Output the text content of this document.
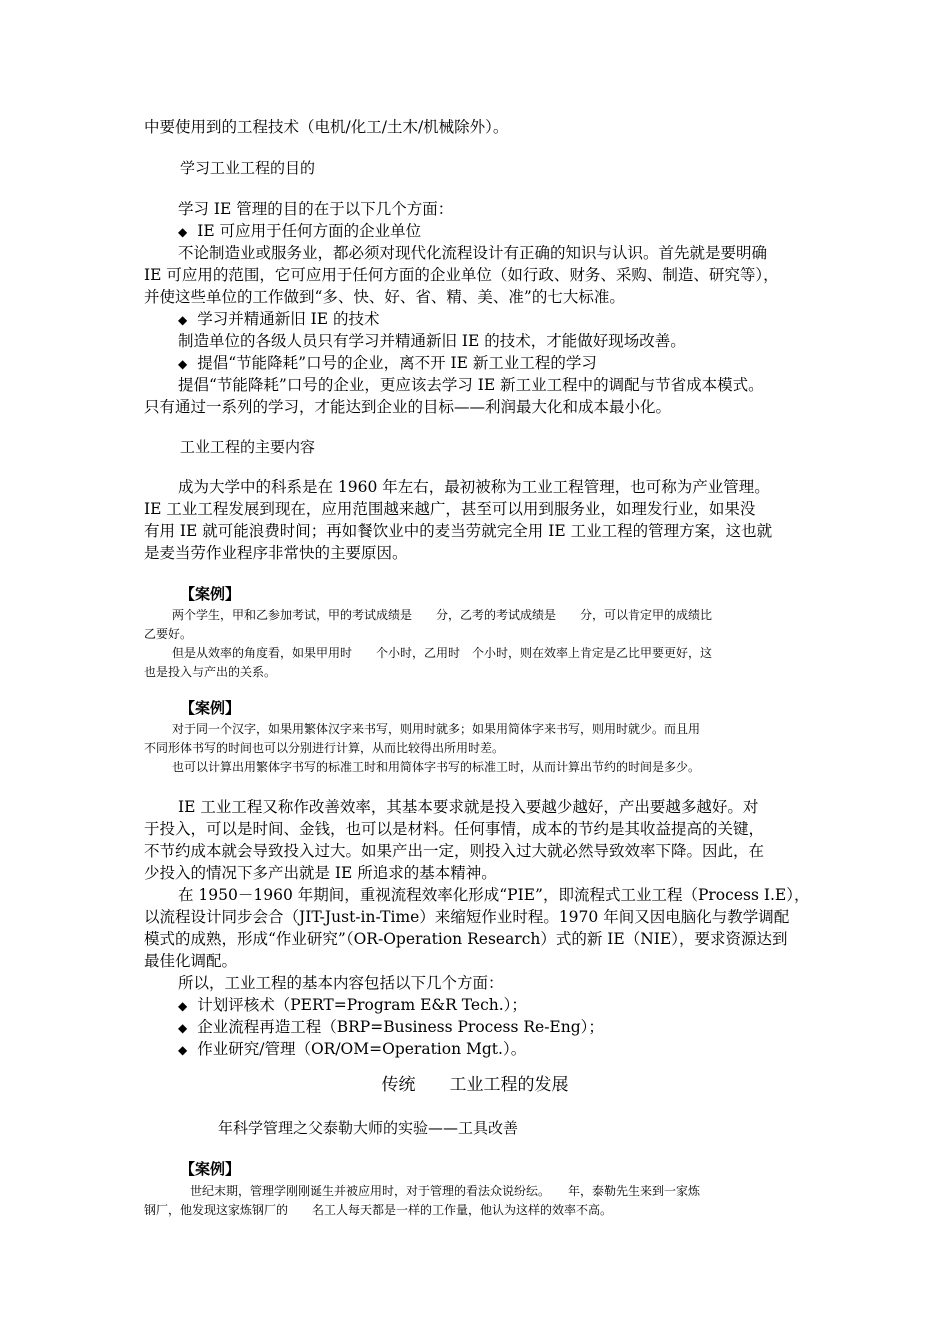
中要使用到的工程技术（电机/化工/土木/机械除外）。
学习工业工程的目的
学习 IE 管理的目的在于以下几个方面：
◆ IE 可应用于任何方面的企业单位
不论制造业或服务业，都必须对现代化流程设计有正确的知识与认识。首先就是要明确
IE 可应用的范围，它可应用于任何方面的企业单位（如行政、财务、采购、制造、研究等），
并使这些单位的工作做到“多、快、好、省、精、美、准”的七大标准。
◆ 学习并精通新旧 IE 的技术
制造单位的各级人员只有学习并精通新旧 IE 的技术，才能做好现场改善。
◆ 提倡“节能降耗”口号的企业，离不开 IE 新工业工程的学习
提倡“节能降耗”口号的企业，更应该去学习 IE 新工业工程中的调配与节省成本模式。
只有通过一系列的学习，才能达到企业的目标——利润最大化和成本最小化。
工业工程的主要内容
成为大学中的科系是在 1960 年左右，最初被称为工业工程管理，也可称为产业管理。
IE 工业工程发展到现在，应用范围越来越广，甚至可以用到服务业，如理发行业，如果没
有用 IE 就可能浪费时间；再如餐饮业中的麦当劳就完全用 IE 工业工程的管理方案，这也就
是麦当劳作业程序非常快的主要原因。
【案例】
两个学生，甲和乙参加考试，甲的考试成绩是　　分，乙考的考试成绩是　　分，可以肯定甲的成绩比
乙要好。
但是从效率的角度看，如果甲用时　　个小时，乙用时　个小时，则在效率上肯定是乙比甲要更好，这
也是投入与产出的关系。
【案例】
对于同一个汉字，如果用繁体汉字来书写，则用时就多；如果用简体字来书写，则用时就少。而且用
不同形体书写的时间也可以分别进行计算，从而比较得出所用时差。
也可以计算出用繁体字书写的标准工时和用简体字书写的标准工时，从而计算出节约的时间是多少。
IE 工业工程又称作改善效率，其基本要求就是投入要越少越好，产出要越多越好。对
于投入，可以是时间、金钱，也可以是材料。任何事情，成本的节约是其收益提高的关键，
不节约成本就会导致投入过大。如果产出一定，则投入过大就必然导致效率下降。因此，在
少投入的情况下多产出就是 IE 所追求的基本精神。
在 1950－1960 年期间，重视流程效率化形成“PIE”，即流程式工业工程（Process I.E），
以流程设计同步会合（JIT-Just-in-Time）来缩短作业时程。1970 年间又因电脑化与教学调配
模式的成熟，形成“作业研究”（OR-Operation Research）式的新 IE（NIE），要求资源达到
最佳化调配。
所以，工业工程的基本内容包括以下几个方面：
◆ 计划评核术（PERT=Program E&R Tech.）；
◆ 企业流程再造工程（BRP=Business Process Re-Eng）；
◆ 作业研究/管理（OR/OM=Operation Mgt.）。
传统　　工业工程的发展
年科学管理之父泰勒大师的实验——工具改善
【案例】
世纪末期，管理学刚刚诞生并被应用时，对于管理的看法众说纷纭。　　年，泰勒先生来到一家炼
钢厂，他发现这家炼钢厂的　　名工人每天都是一样的工作量，他认为这样的效率不高。
